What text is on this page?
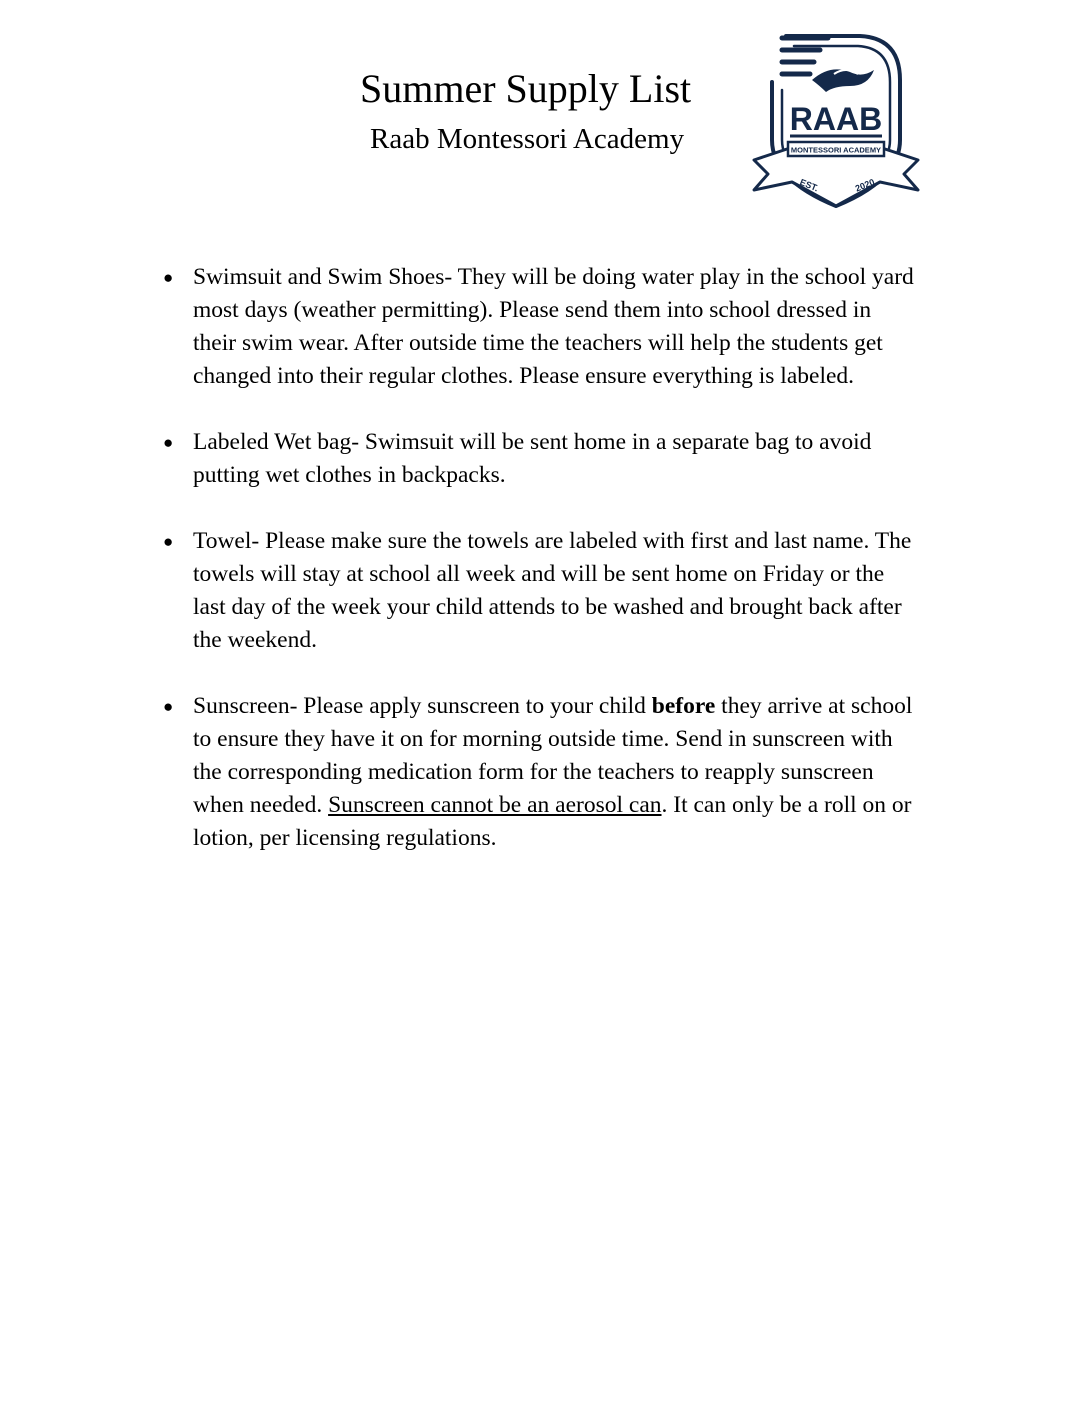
Summer Supply List
Raab Montessori Academy
RAAB
MONTESSORI ACADEMY
EST.	2020
● Swimsuit and Swim Shoes- They will be doing water play in the school yard most days (weather permitting). Please send them into school dressed in their swim wear. After outside time the teachers will help the students get changed into their regular clothes. Please ensure everything is labeled.
● Labeled Wet bag- Swimsuit will be sent home in a separate bag to avoid putting wet clothes in backpacks.
● Towel- Please make sure the towels are labeled with first and last name. The towels will stay at school all week and will be sent home on Friday or the last day of the week your child attends to be washed and brought back after the weekend.
● Sunscreen- Please apply sunscreen to your child before they arrive at school to ensure they have it on for morning outside time. Send in sunscreen with the corresponding medication form for the teachers to reapply sunscreen when needed. Sunscreen cannot be an aerosol can. It can only be a roll on or lotion, per licensing regulations.
